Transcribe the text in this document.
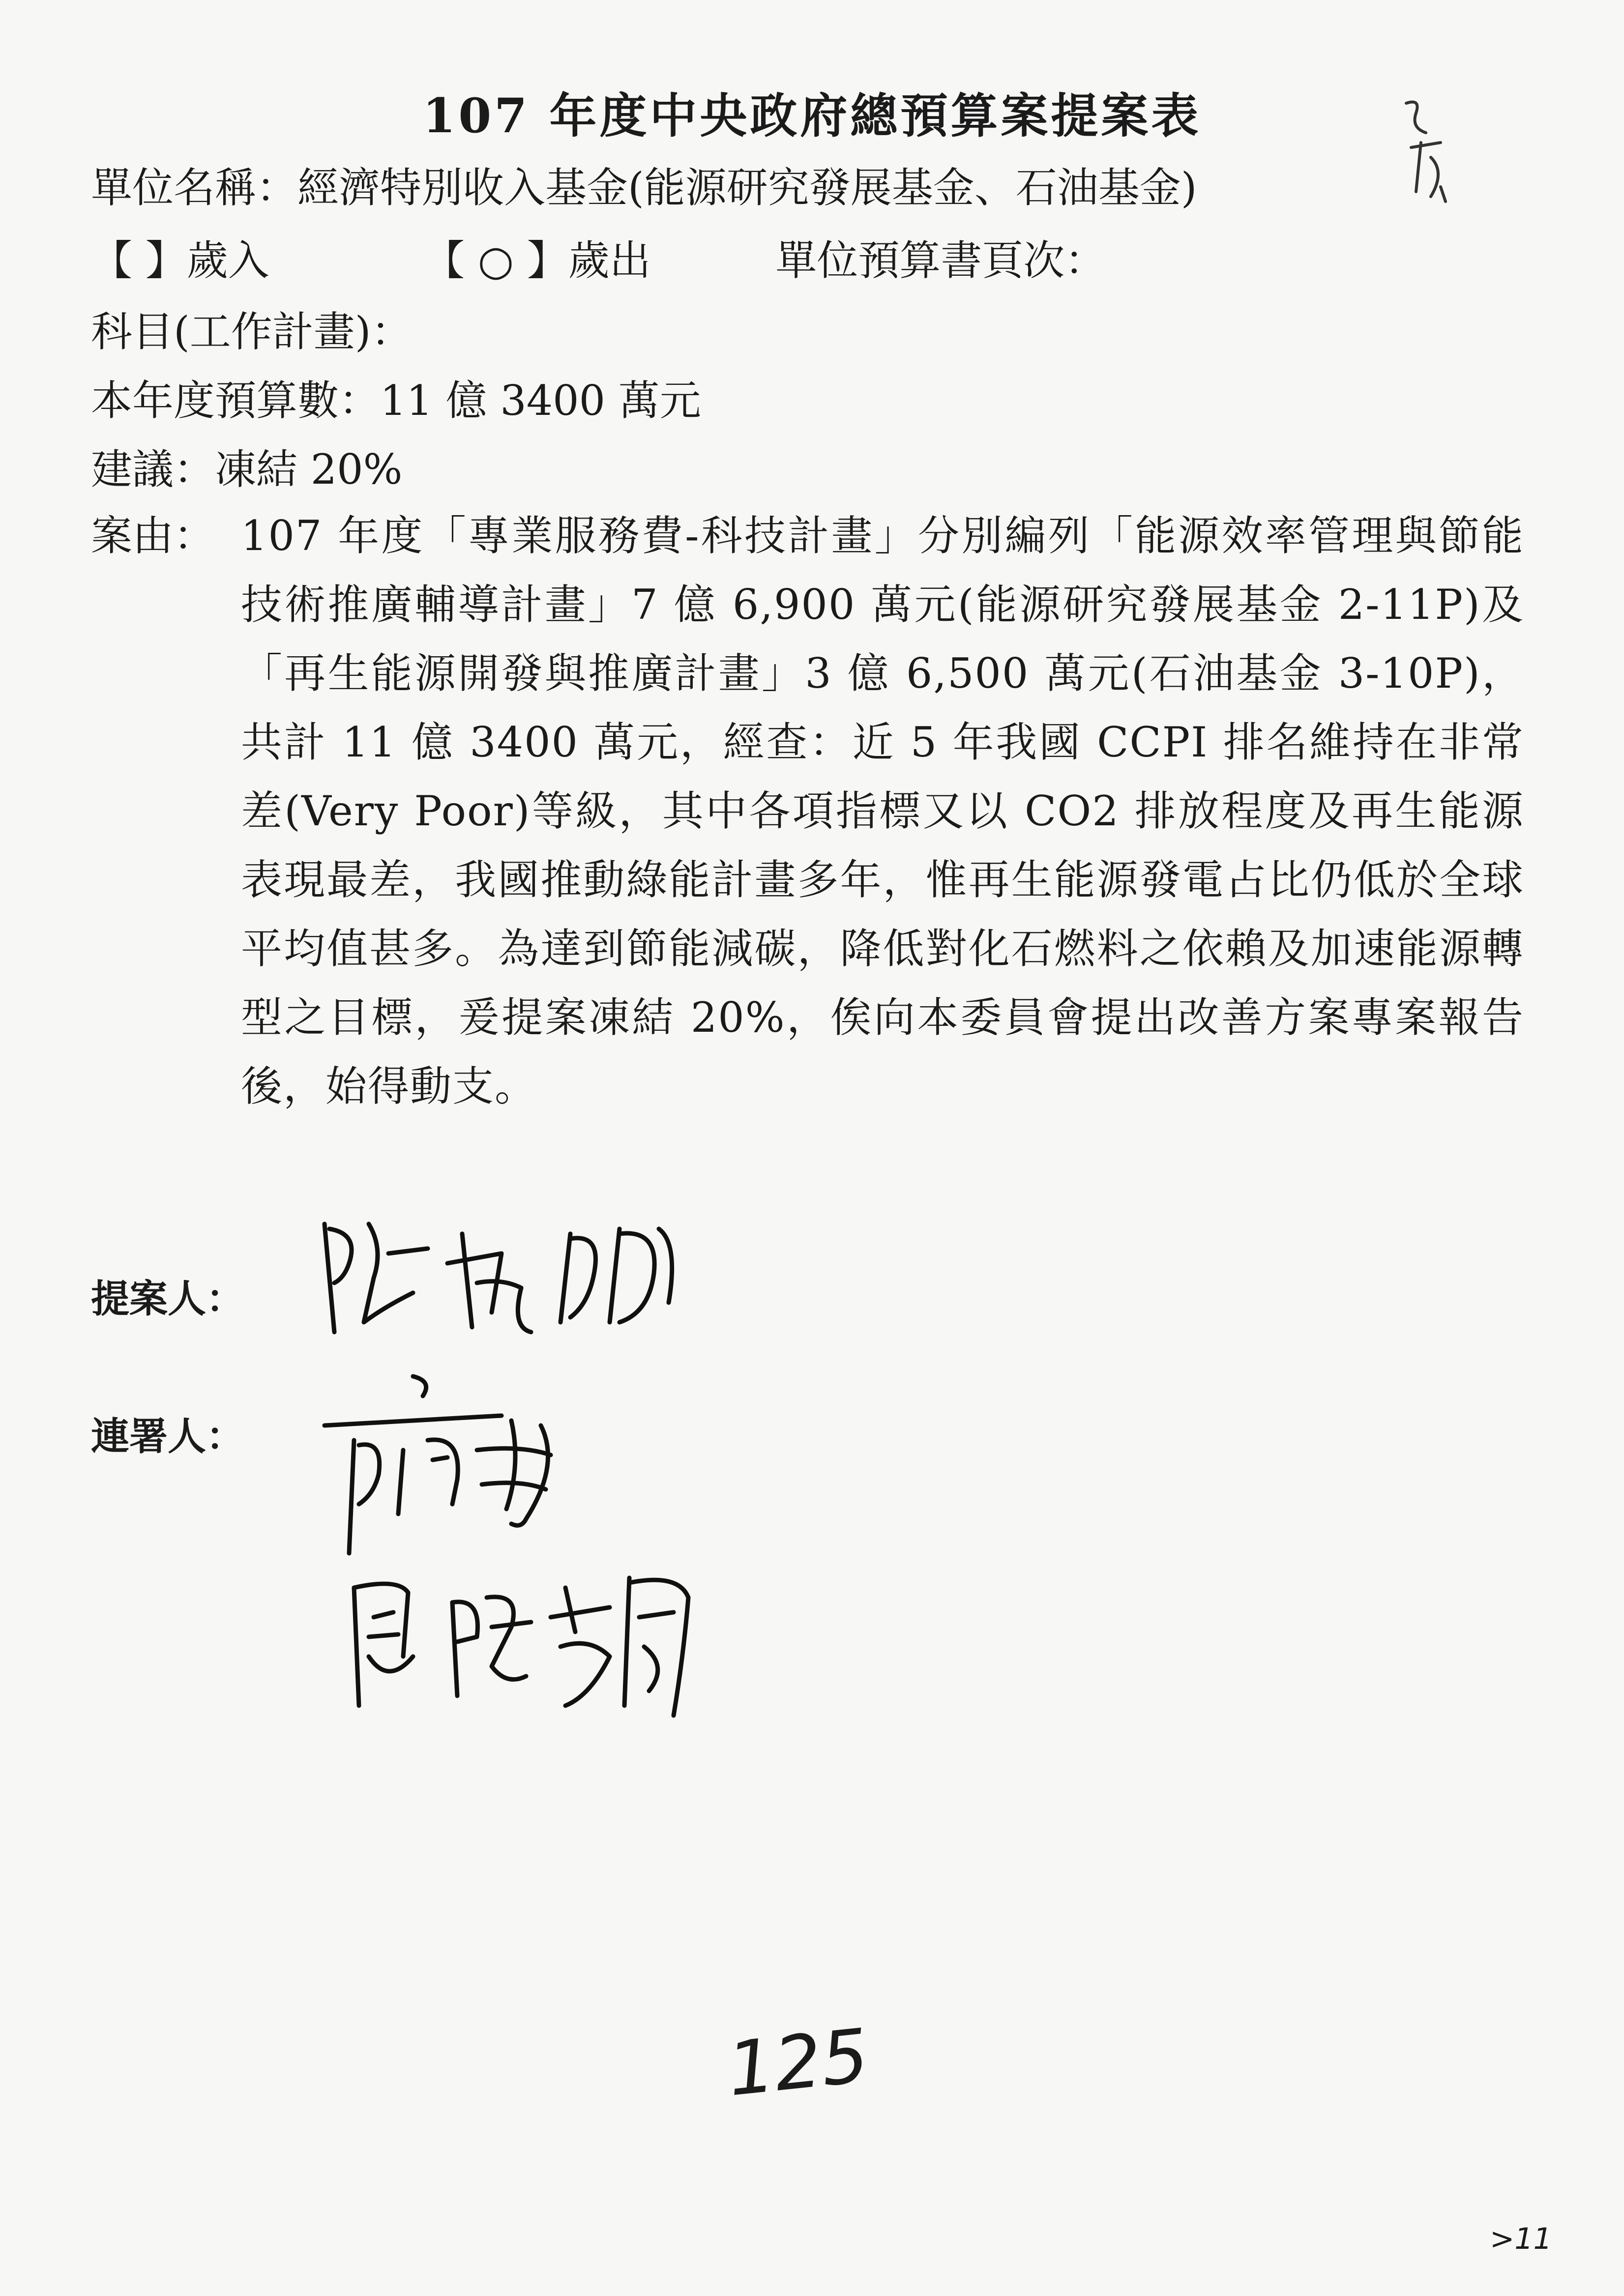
107 年度中央政府總預算案提案表
單位名稱：經濟特別收入基金(能源研究發展基金、石油基金)
【 】歲入	【 ○ 】歲出	單位預算書頁次：
科目(工作計畫)：
本年度預算數：11 億 3400 萬元
建議：凍結 20%
案由： 107 年度「專業服務費-科技計畫」分別編列「能源效率管理與節能技術推廣輔導計畫」7 億 6,900 萬元(能源研究發展基金 2-11P)及「再生能源開發與推廣計畫」3 億 6,500 萬元(石油基金 3-10P)，共計 11 億 3400 萬元，經查：近 5 年我國 CCPI 排名維持在非常差(Very Poor)等級，其中各項指標又以 CO2 排放程度及再生能源表現最差，我國推動綠能計畫多年，惟再生能源發電占比仍低於全球平均值甚多。為達到節能減碳，降低對化石燃料之依賴及加速能源轉型之目標，爰提案凍結 20%，俟向本委員會提出改善方案專案報告後，始得動支。
提案人：
連署人：
125
>11
